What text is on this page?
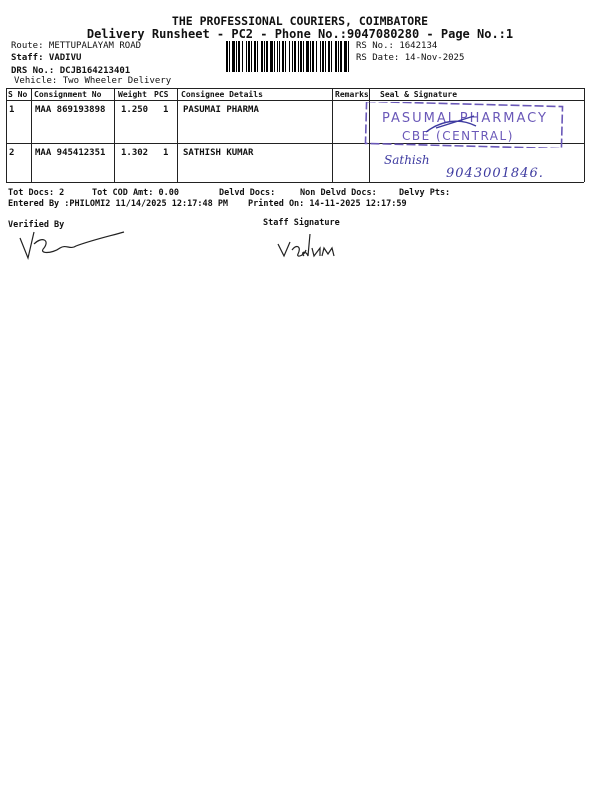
THE PROFESSIONAL COURIERS, COIMBATORE
Delivery Runsheet - PC2 - Phone No.:9047080280 - Page No.:1
Route: METTUPALAYAM ROAD
Staff: VADIVU
DRS No.: DCJB164213401
Vehicle: Two Wheeler Delivery
RS No.: 1642134
RS Date: 14-Nov-2025
S No Consignment No Weight PCS Consignee Details	Remarks Seal & Signature
1 MAA 869193898 1.250 1 PASUMAI PHARMA
2 MAA 945412351 1.302 1 SATHISH KUMAR
PASUMAI PHARMACY
CBE (CENTRAL)
Sathish
9043001846.
Tot Docs: 2	Tot COD Amt: 0.00	Delvd Docs:	Non Delvd Docs:	Delvy Pts:
Entered By :PHILOMI2 11/14/2025 12:17:48 PM Printed On: 14-11-2025 12:17:59
Verified By	Staff Signature
